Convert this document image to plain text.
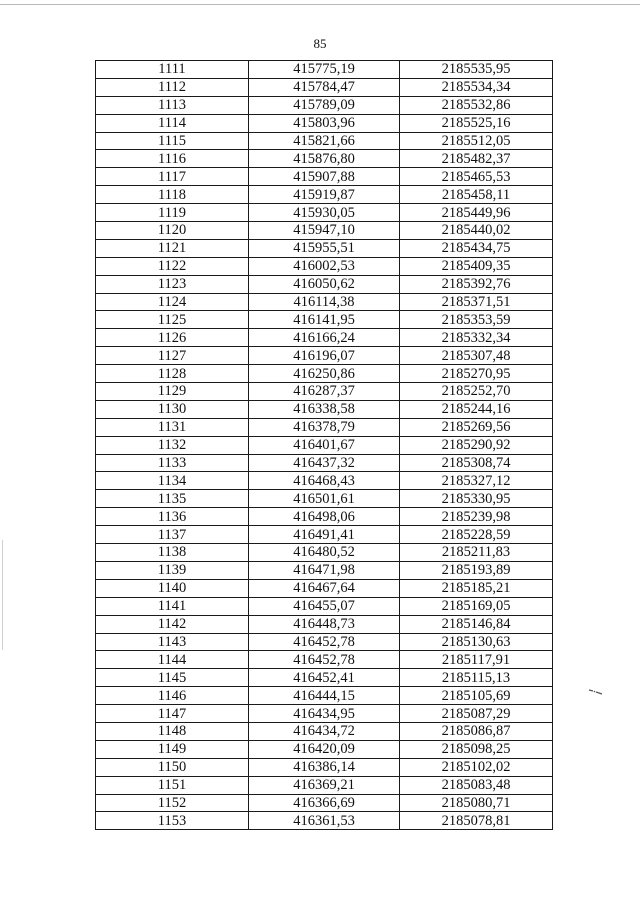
85
1111	415775,19	2185535,95
1112	415784,47	2185534,34
1113	415789,09	2185532,86
1114	415803,96	2185525,16
1115	415821,66	2185512,05
1116	415876,80	2185482,37
1117	415907,88	2185465,53
1118	415919,87	2185458,11
1119	415930,05	2185449,96
1120	415947,10	2185440,02
1121	415955,51	2185434,75
1122	416002,53	2185409,35
1123	416050,62	2185392,76
1124	416114,38	2185371,51
1125	416141,95	2185353,59
1126	416166,24	2185332,34
1127	416196,07	2185307,48
1128	416250,86	2185270,95
1129	416287,37	2185252,70
1130	416338,58	2185244,16
1131	416378,79	2185269,56
1132	416401,67	2185290,92
1133	416437,32	2185308,74
1134	416468,43	2185327,12
1135	416501,61	2185330,95
1136	416498,06	2185239,98
1137	416491,41	2185228,59
1138	416480,52	2185211,83
1139	416471,98	2185193,89
1140	416467,64	2185185,21
1141	416455,07	2185169,05
1142	416448,73	2185146,84
1143	416452,78	2185130,63
1144	416452,78	2185117,91
1145	416452,41	2185115,13
1146	416444,15	2185105,69
1147	416434,95	2185087,29
1148	416434,72	2185086,87
1149	416420,09	2185098,25
1150	416386,14	2185102,02
1151	416369,21	2185083,48
1152	416366,69	2185080,71
1153	416361,53	2185078,81
